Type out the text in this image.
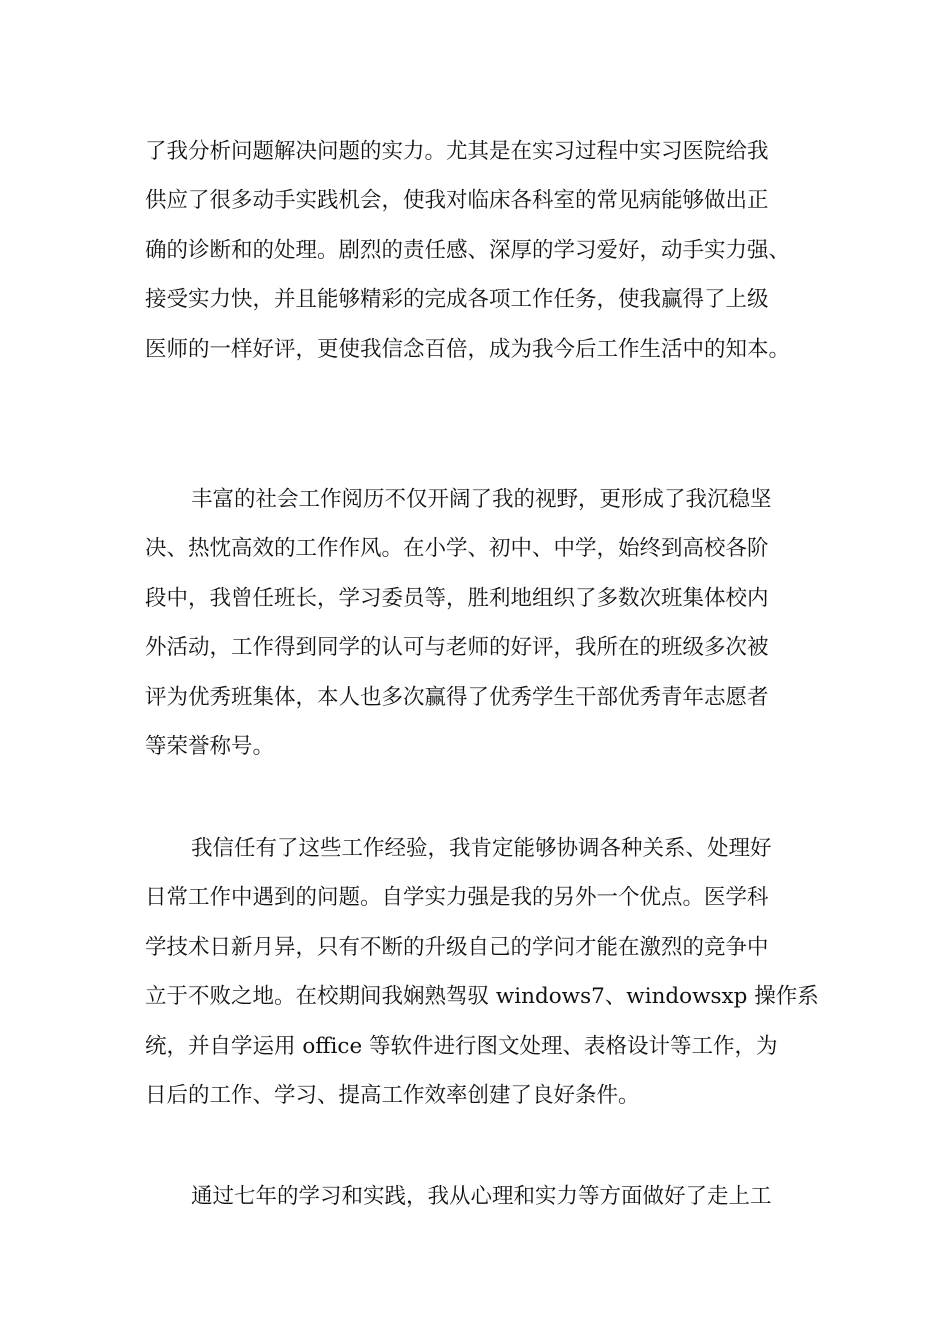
了我分析问题解决问题的实力。尤其是在实习过程中实习医院给我
供应了很多动手实践机会，使我对临床各科室的常见病能够做出正
确的诊断和的处理。剧烈的责任感、深厚的学习爱好，动手实力强、
接受实力快，并且能够精彩的完成各项工作任务，使我赢得了上级
医师的一样好评，更使我信念百倍，成为我今后工作生活中的知本。
丰富的社会工作阅历不仅开阔了我的视野，更形成了我沉稳坚
决、热忱高效的工作作风。在小学、初中、中学，始终到高校各阶
段中，我曾任班长，学习委员等，胜利地组织了多数次班集体校内
外活动，工作得到同学的认可与老师的好评，我所在的班级多次被
评为优秀班集体，本人也多次赢得了优秀学生干部优秀青年志愿者
等荣誉称号。
我信任有了这些工作经验，我肯定能够协调各种关系、处理好
日常工作中遇到的问题。自学实力强是我的另外一个优点。医学科
学技术日新月异，只有不断的升级自己的学问才能在激烈的竞争中
立于不败之地。在校期间我娴熟驾驭 windows7、windowsxp 操作系
统，并自学运用 office 等软件进行图文处理、表格设计等工作，为
日后的工作、学习、提高工作效率创建了良好条件。
通过七年的学习和实践，我从心理和实力等方面做好了走上工
